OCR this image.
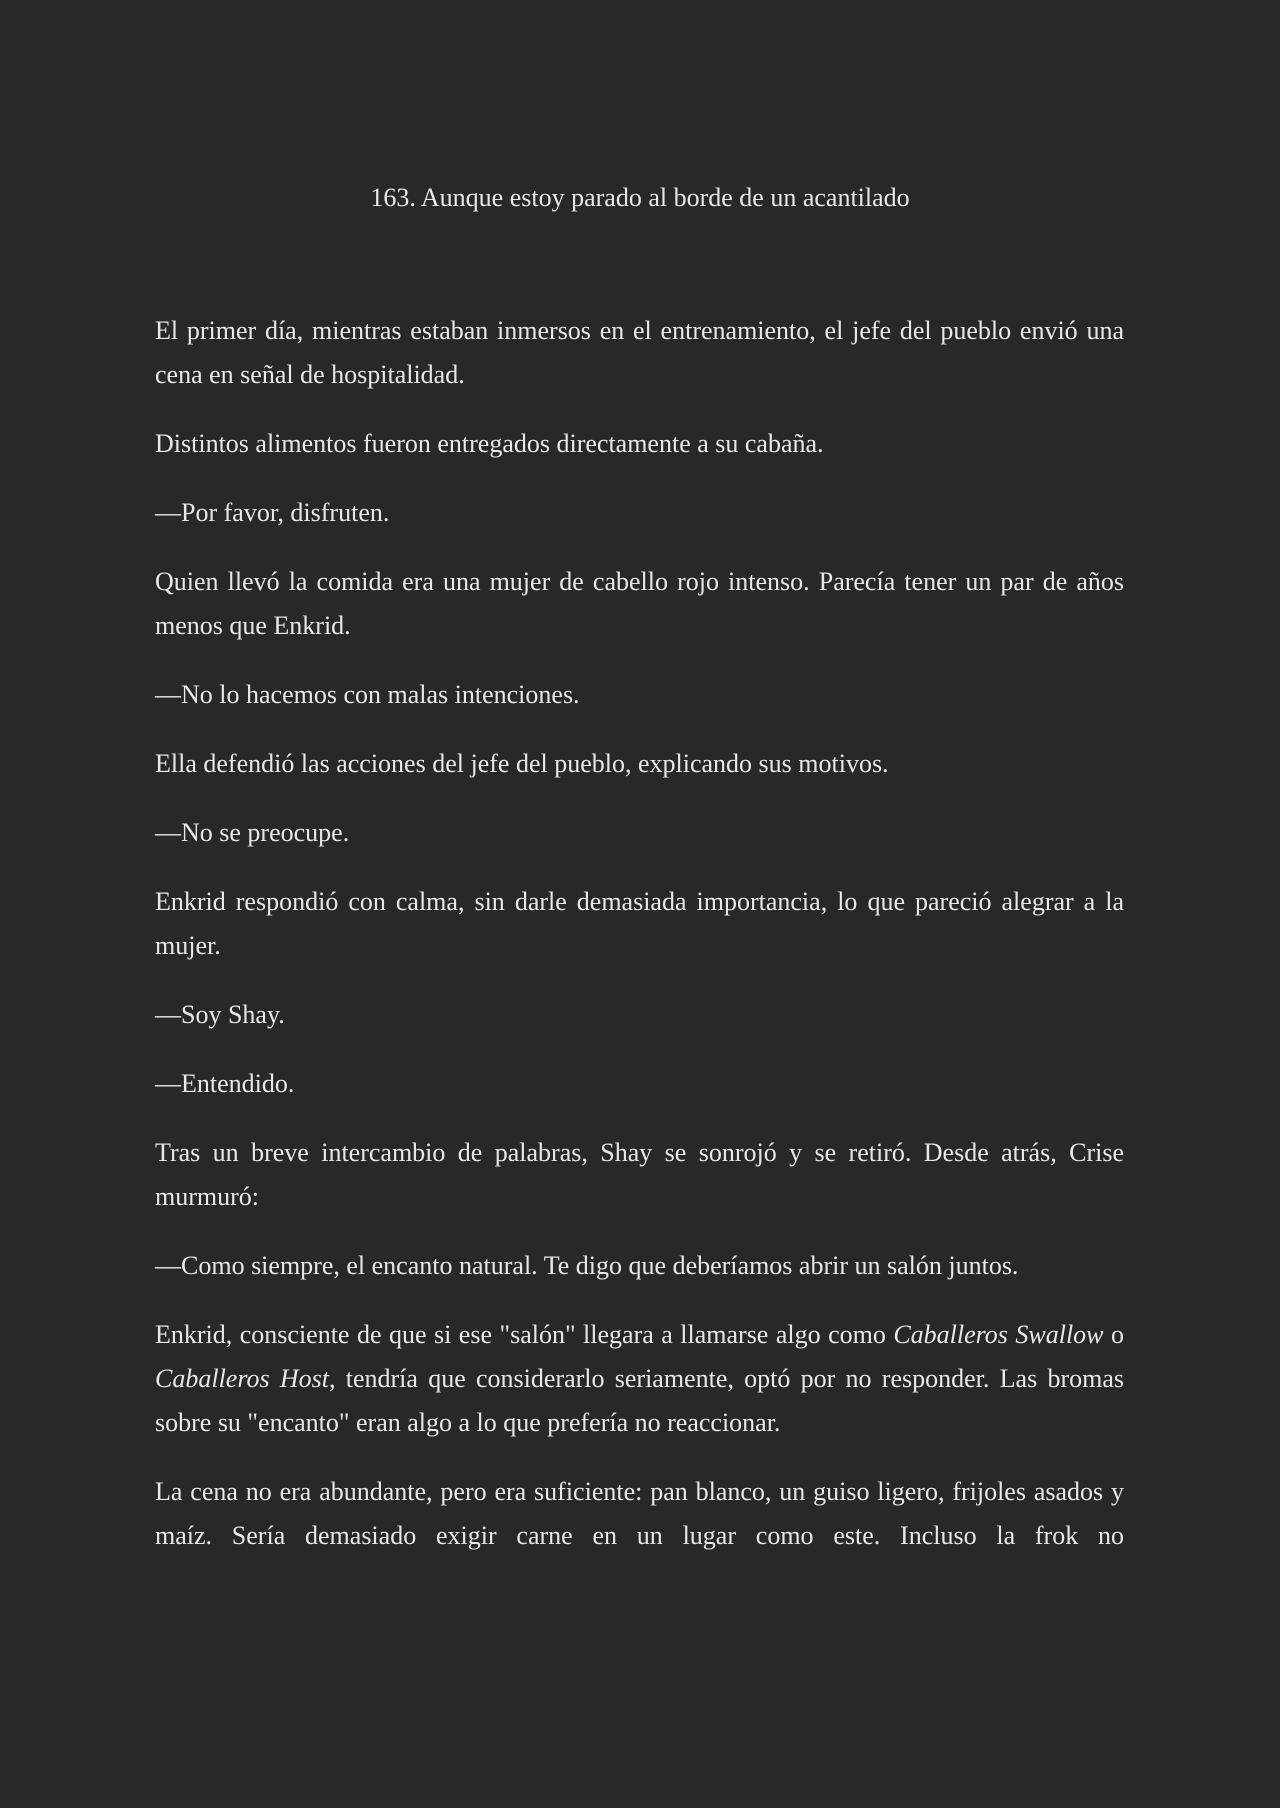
163. Aunque estoy parado al borde de un acantilado

El primer día, mientras estaban inmersos en el entrenamiento, el jefe del pueblo envió una cena en señal de hospitalidad.

Distintos alimentos fueron entregados directamente a su cabaña.

—Por favor, disfruten.

Quien llevó la comida era una mujer de cabello rojo intenso. Parecía tener un par de años menos que Enkrid.

—No lo hacemos con malas intenciones.

Ella defendió las acciones del jefe del pueblo, explicando sus motivos.

—No se preocupe.

Enkrid respondió con calma, sin darle demasiada importancia, lo que pareció alegrar a la mujer.

—Soy Shay.

—Entendido.

Tras un breve intercambio de palabras, Shay se sonrojó y se retiró. Desde atrás, Crise murmuró:

—Como siempre, el encanto natural. Te digo que deberíamos abrir un salón juntos.

Enkrid, consciente de que si ese "salón" llegara a llamarse algo como Caballeros Swallow o Caballeros Host, tendría que considerarlo seriamente, optó por no responder. Las bromas sobre su "encanto" eran algo a lo que prefería no reaccionar.

La cena no era abundante, pero era suficiente: pan blanco, un guiso ligero, frijoles asados y maíz. Sería demasiado exigir carne en un lugar como este. Incluso la frok no
